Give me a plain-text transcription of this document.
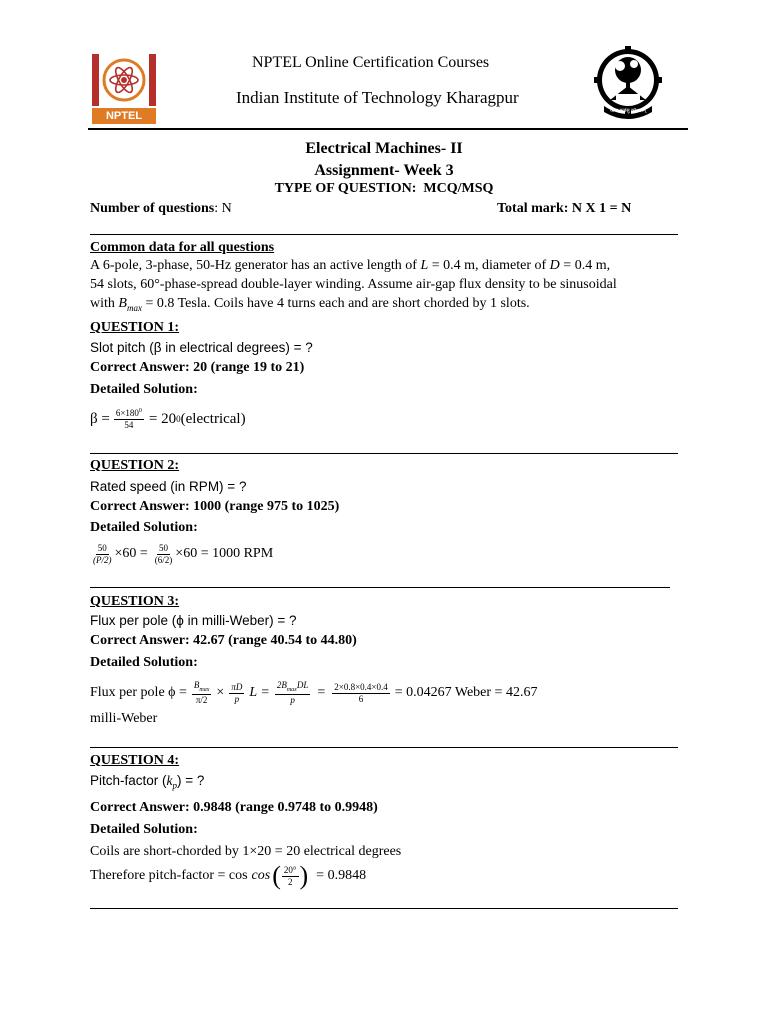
NPTEL
NPTEL Online Certification Courses
Indian Institute of Technology Kharagpur
योगः कर्मसु कौशलम्
Electrical Machines- II
Assignment- Week 3
TYPE OF QUESTION:  MCQ/MSQ
Number of questions: N	Total mark: N X 1 = N
Common data for all questions
A 6-pole, 3-phase, 50-Hz generator has an active length of L = 0.4 m, diameter of D = 0.4 m,
54 slots, 60°-phase-spread double-layer winding. Assume air-gap flux density to be sinusoidal
with $B_{max} = 0.8$ Tesla. Coils have 4 turns each and are short chorded by 1 slots.
QUESTION 1:
Slot pitch (β in electrical degrees) = ?
Correct Answer: 20 (range 19 to 21)
Detailed Solution:
$\beta = \frac{6\times 180^0}{54} = 20$ 0 (electrical)
QUESTION 2:
Rated speed (in RPM) = ?
Correct Answer: 1000 (range 975 to 1025)
Detailed Solution:
$\frac{50}{(P/2)} \times 60 = \frac{50}{(6/2)} \times 60 = 1000$ RPM
QUESTION 3:
Flux per pole (ϕ in milli-Weber) = ?
Correct Answer: 42.67 (range 40.54 to 44.80)
Detailed Solution:
Flux per pole $\phi = \frac{B_{max}}{\pi/2} \times \frac{\pi D}{p}$ $L = \frac{2B_{max}DL}{p} = \frac{2\times 0.8\times 0.4\times 0.4}{6} = 0.04267$ Weber = 42.67
milli-Weber
QUESTION 4:
Pitch-factor $(k_p)$ = ?
Correct Answer: 0.9848 (range 0.9748 to 0.9948)
Detailed Solution:
Coils are short-chorded by 1×20 = 20 electrical degrees
Therefore pitch-factor = cos cos ( $\frac{20^\circ}{2}$ ) = 0.9848
